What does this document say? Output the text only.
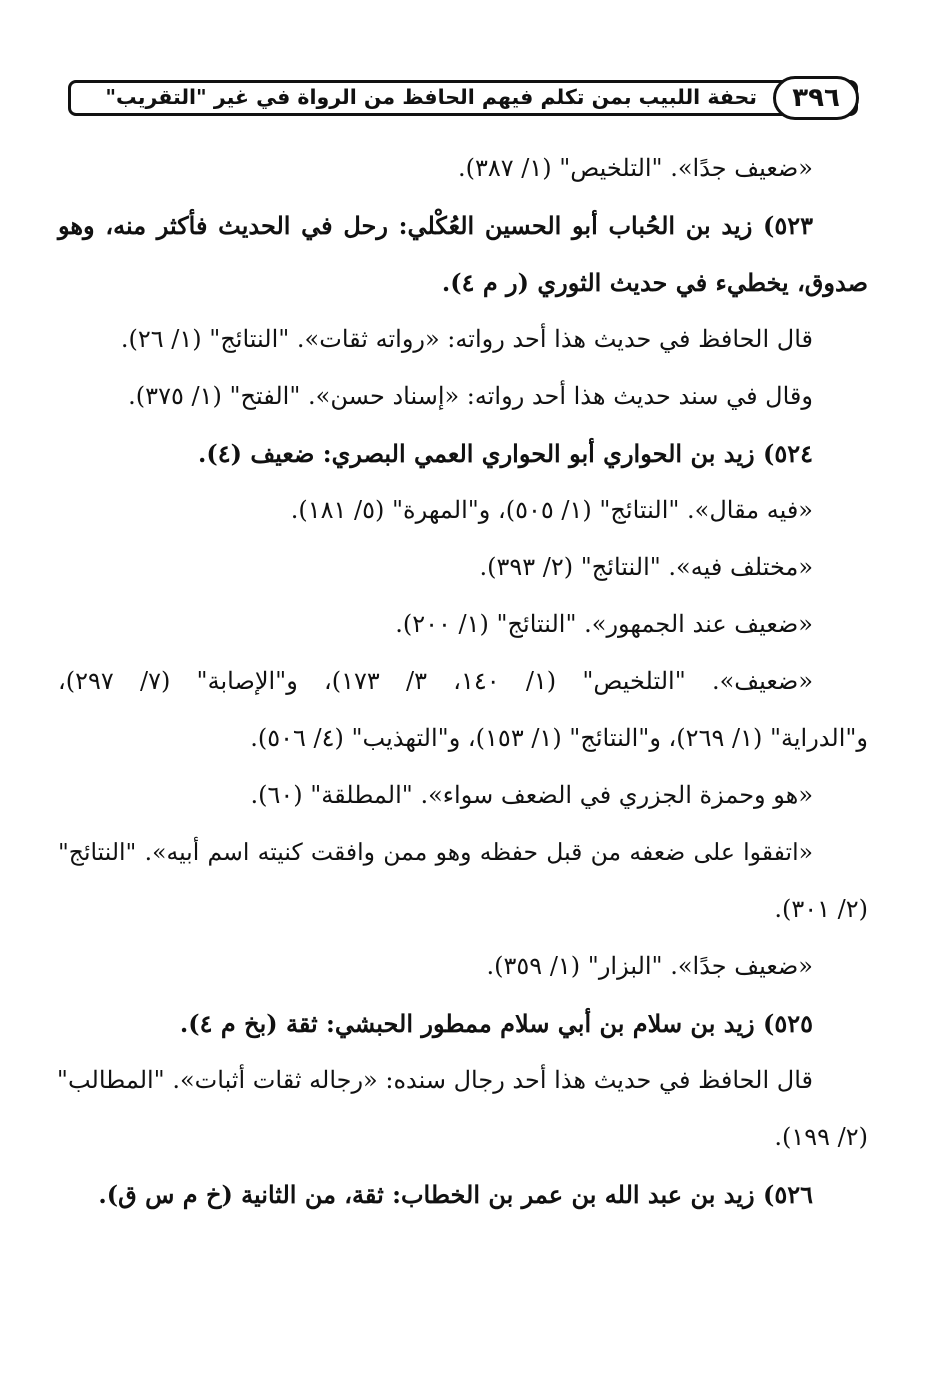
٣٩٦
تحفة اللبيب بمن تكلم فيهم الحافظ من الرواة في غير "التقريب"
«ضعيف جدًا». "التلخيص" (١/ ٣٨٧).
٥٢٣) زيد بن الحُباب أبو الحسين العُكْلي: رحل في الحديث فأكثر منه، وهو
صدوق، يخطيء في حديث الثوري (ر م ٤).
قال الحافظ في حديث هذا أحد رواته: «رواته ثقات». "النتائج" (١/ ٢٦).
وقال في سند حديث هذا أحد رواته: «إسناد حسن». "الفتح" (١/ ٣٧٥).
٥٢٤) زيد بن الحواري أبو الحواري العمي البصري: ضعيف (٤).
«فيه مقال». "النتائج" (١/ ٥٠٥)، و"المهرة" (٥/ ١٨١).
«مختلف فيه». "النتائج" (٢/ ٣٩٣).
«ضعيف عند الجمهور». "النتائج" (١/ ٢٠٠).
«ضعيف». "التلخيص" (١/ ١٤٠، ٣/ ١٧٣)، و"الإصابة" (٧/ ٢٩٧)،
و"الدراية" (١/ ٢٦٩)، و"النتائج" (١/ ١٥٣)، و"التهذيب" (٤/ ٥٠٦).
«هو وحمزة الجزري في الضعف سواء». "المطلقة" (٦٠).
«اتفقوا على ضعفه من قبل حفظه وهو ممن وافقت كنيته اسم أبيه». "النتائج"
(٢/ ٣٠١).
«ضعيف جدًا». "البزار" (١/ ٣٥٩).
٥٢٥) زيد بن سلام بن أبي سلام ممطور الحبشي: ثقة (بخ م ٤).
قال الحافظ في حديث هذا أحد رجال سنده: «رجاله ثقات أثبات». "المطالب"
(٢/ ١٩٩).
٥٢٦) زيد بن عبد الله بن عمر بن الخطاب: ثقة، من الثانية (خ م س ق).
